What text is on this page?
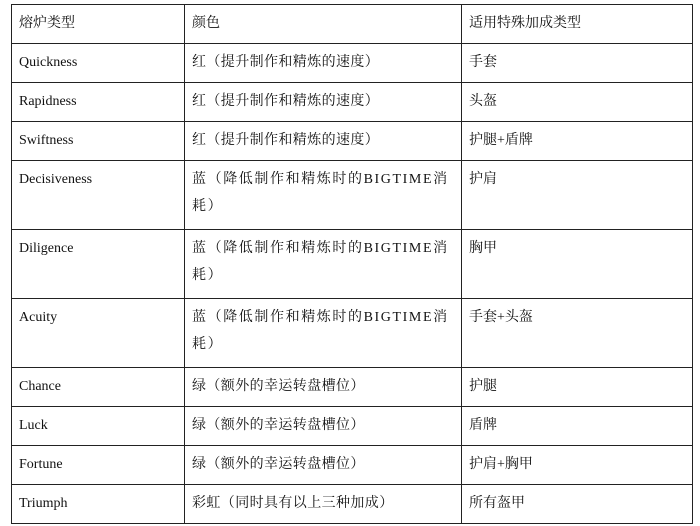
熔炉类型	颜色	适用特殊加成类型
Quickness	红（提升制作和精炼的速度）	手套
Rapidness	红（提升制作和精炼的速度）	头盔
Swiftness	红（提升制作和精炼的速度）	护腿+盾牌
Decisiveness	蓝（降低制作和精炼时的BIGTIME消耗）	护肩
Diligence	蓝（降低制作和精炼时的BIGTIME消耗）	胸甲
Acuity	蓝（降低制作和精炼时的BIGTIME消耗）	手套+头盔
Chance	绿（额外的幸运转盘槽位）	护腿
Luck	绿（额外的幸运转盘槽位）	盾牌
Fortune	绿（额外的幸运转盘槽位）	护肩+胸甲
Triumph	彩虹（同时具有以上三种加成）	所有盔甲
